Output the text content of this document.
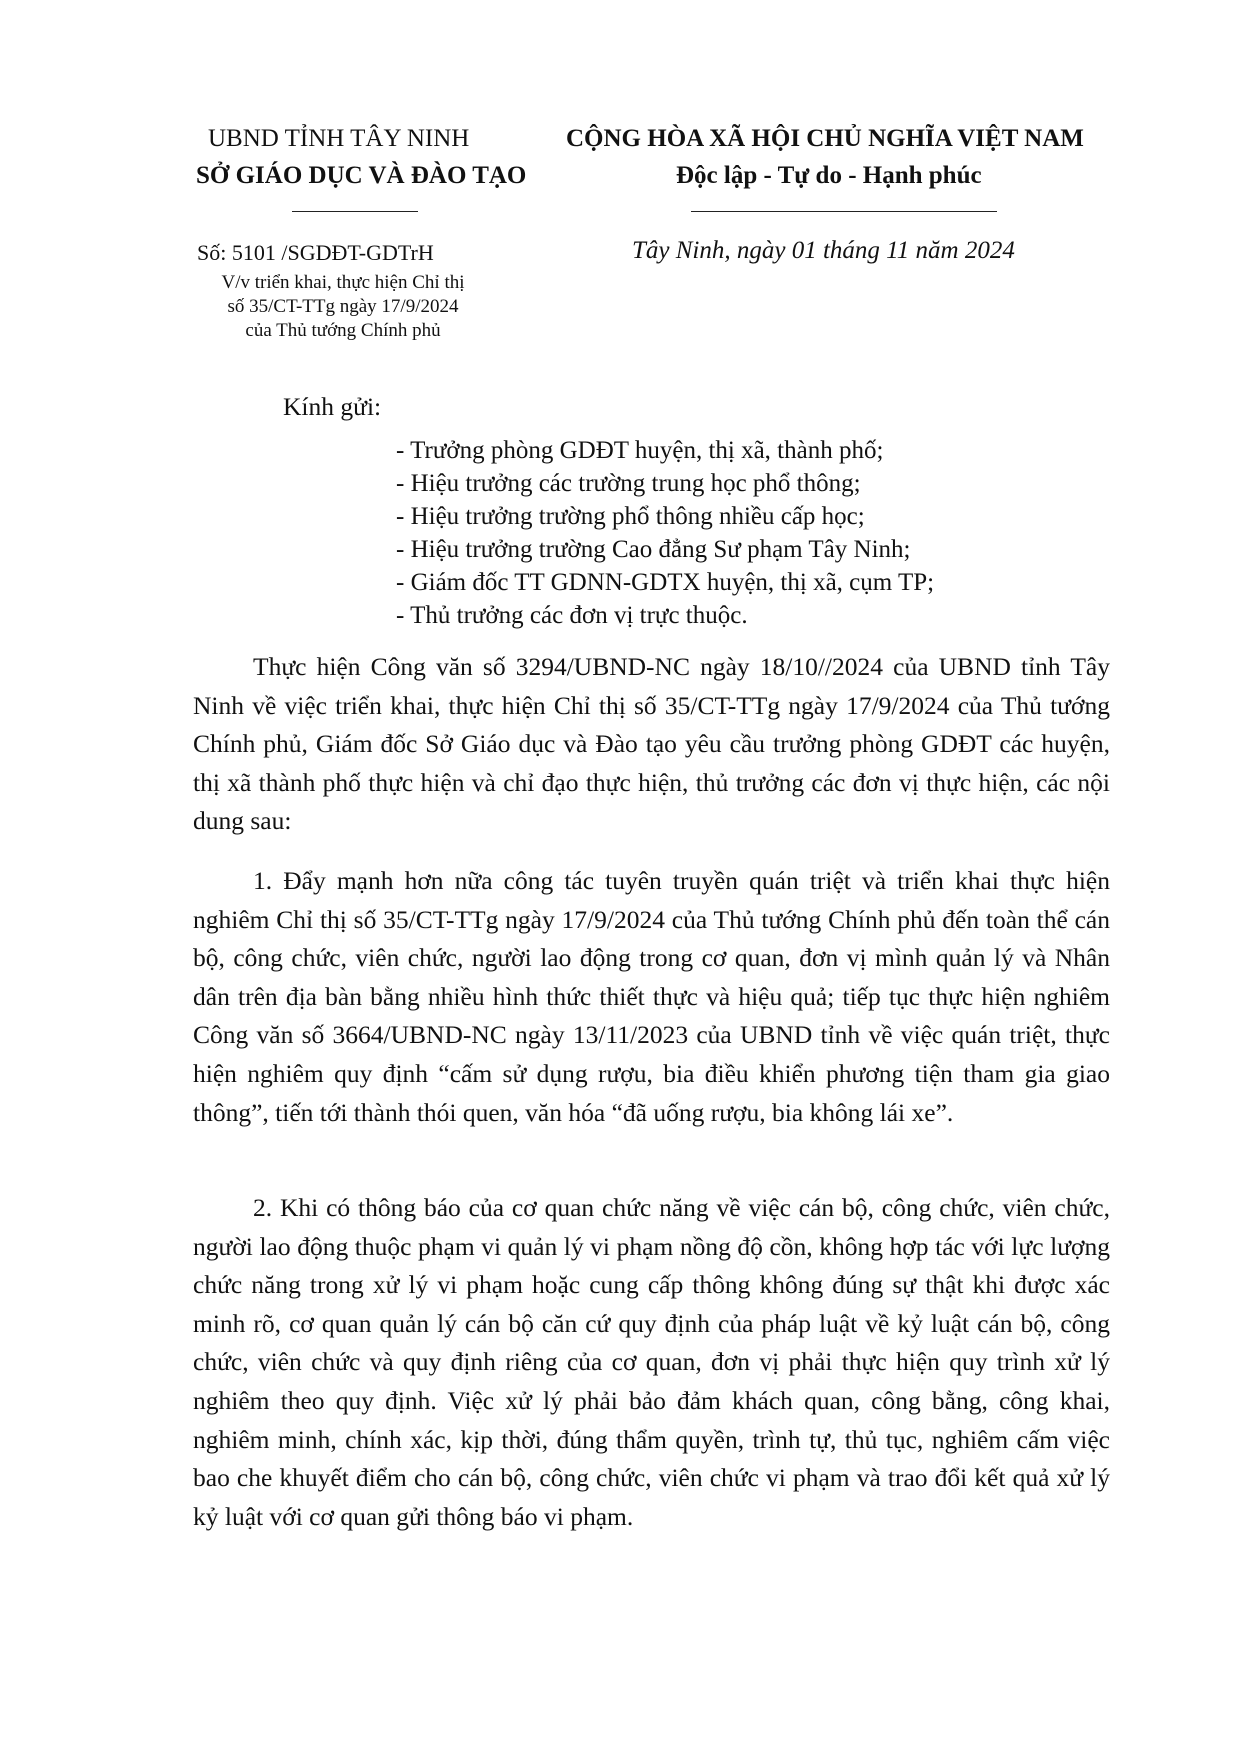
UBND TỈNH TÂY NINH
SỞ GIÁO DỤC VÀ ĐÀO TẠO
CỘNG HÒA XÃ HỘI CHỦ NGHĨA VIỆT NAM
Độc lập - Tự do - Hạnh phúc
Số: 5101 /SGDĐT-GDTrH	Tây Ninh, ngày 01 tháng 11 năm 2024
V/v triển khai, thực hiện Chỉ thị
số 35/CT-TTg ngày 17/9/2024
của Thủ tướng Chính phủ
Kính gửi:
- Trưởng phòng GDĐT huyện, thị xã, thành phố;
- Hiệu trưởng các trường trung học phổ thông;
- Hiệu trưởng trường phổ thông nhiều cấp học;
- Hiệu trưởng trường Cao đẳng Sư phạm Tây Ninh;
- Giám đốc TT GDNN-GDTX huyện, thị xã, cụm TP;
- Thủ trưởng các đơn vị trực thuộc.

Thực hiện Công văn số 3294/UBND-NC ngày 18/10//2024 của UBND tỉnh Tây Ninh về việc triển khai, thực hiện Chỉ thị số 35/CT-TTg ngày 17/9/2024 của Thủ tướng Chính phủ, Giám đốc Sở Giáo dục và Đào tạo yêu cầu trưởng phòng GDĐT các huyện, thị xã thành phố thực hiện và chỉ đạo thực hiện, thủ trưởng các đơn vị thực hiện, các nội dung sau:

1. Đẩy mạnh hơn nữa công tác tuyên truyền quán triệt và triển khai thực hiện nghiêm Chỉ thị số 35/CT-TTg ngày 17/9/2024 của Thủ tướng Chính phủ đến toàn thể cán bộ, công chức, viên chức, người lao động trong cơ quan, đơn vị mình quản lý và Nhân dân trên địa bàn bằng nhiều hình thức thiết thực và hiệu quả; tiếp tục thực hiện nghiêm Công văn số 3664/UBND-NC ngày 13/11/2023 của UBND tỉnh về việc quán triệt, thực hiện nghiêm quy định “cấm sử dụng rượu, bia điều khiển phương tiện tham gia giao thông”, tiến tới thành thói quen, văn hóa “đã uống rượu, bia không lái xe”.

2. Khi có thông báo của cơ quan chức năng về việc cán bộ, công chức, viên chức, người lao động thuộc phạm vi quản lý vi phạm nồng độ cồn, không hợp tác với lực lượng chức năng trong xử lý vi phạm hoặc cung cấp thông không đúng sự thật khi được xác minh rõ, cơ quan quản lý cán bộ căn cứ quy định của pháp luật về kỷ luật cán bộ, công chức, viên chức và quy định riêng của cơ quan, đơn vị phải thực hiện quy trình xử lý nghiêm theo quy định. Việc xử lý phải bảo đảm khách quan, công bằng, công khai, nghiêm minh, chính xác, kịp thời, đúng thẩm quyền, trình tự, thủ tục, nghiêm cấm việc bao che khuyết điểm cho cán bộ, công chức, viên chức vi phạm và trao đổi kết quả xử lý kỷ luật với cơ quan gửi thông báo vi phạm.
